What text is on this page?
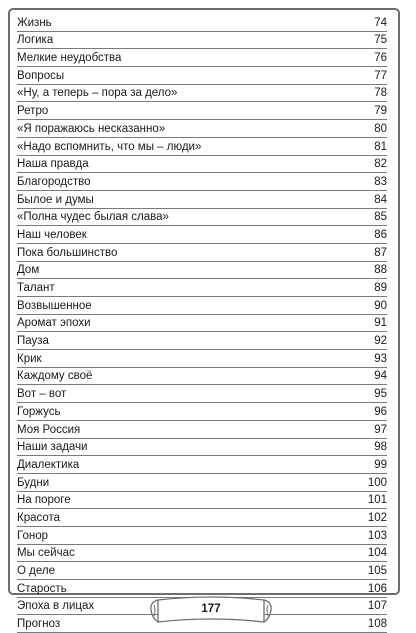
Жизнь	74
Логика	75
Мелкие неудобства	76
Вопросы	77
«Ну, а теперь – пора за дело»	78
Ретро	79
«Я поражаюсь несказанно»	80
«Надо вспомнить, что мы – люди»	81
Наша правда	82
Благородство	83
Былое и думы	84
«Полна чудес былая слава»	85
Наш человек	86
Пока большинство	87
Дом	88
Талант	89
Возвышенное	90
Аромат эпохи	91
Пауза	92
Крик	93
Каждому своё	94
Вот – вот	95
Горжусь	96
Моя Россия	97
Наши задачи	98
Диалектика	99
Будни	100
На пороге	101
Красота	102
Гонор	103
Мы сейчас	104
О деле	105
Старость	106
Эпоха в лицах	107
Прогноз	108
177
